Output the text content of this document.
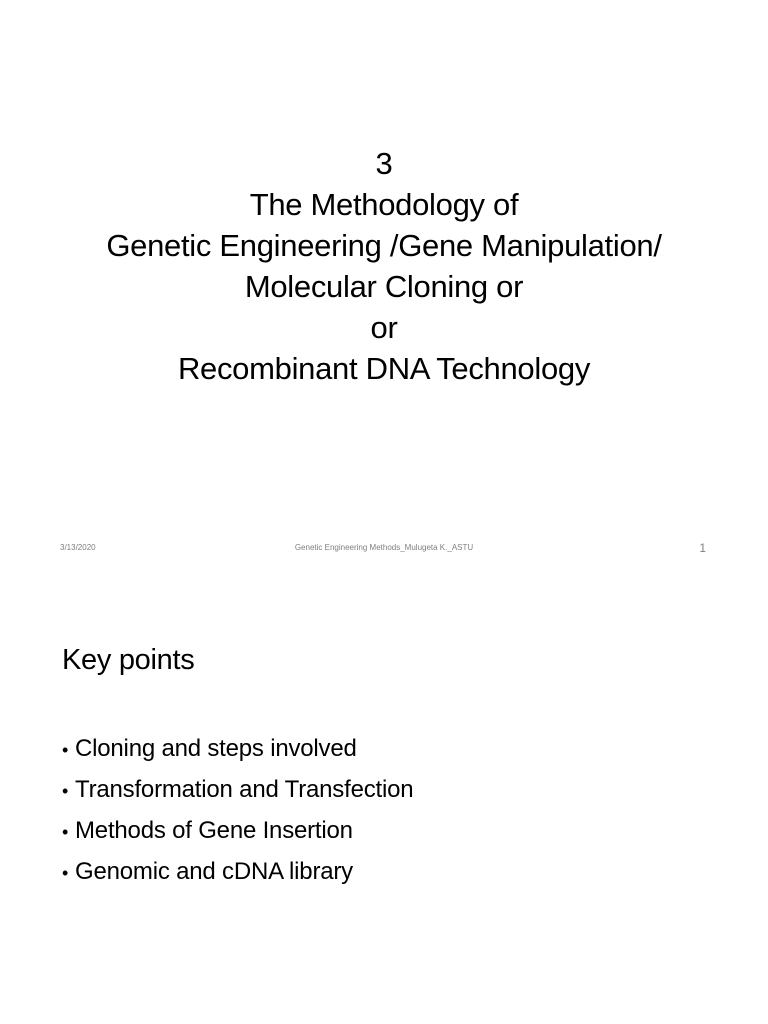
3
The Methodology of
Genetic Engineering /Gene Manipulation/
Molecular Cloning or
or
Recombinant DNA Technology
3/13/2020	Genetic Engineering Methods_Mulugeta K._ASTU	1
Key points
• Cloning and steps involved
• Transformation and Transfection
• Methods of Gene Insertion
• Genomic and cDNA library
